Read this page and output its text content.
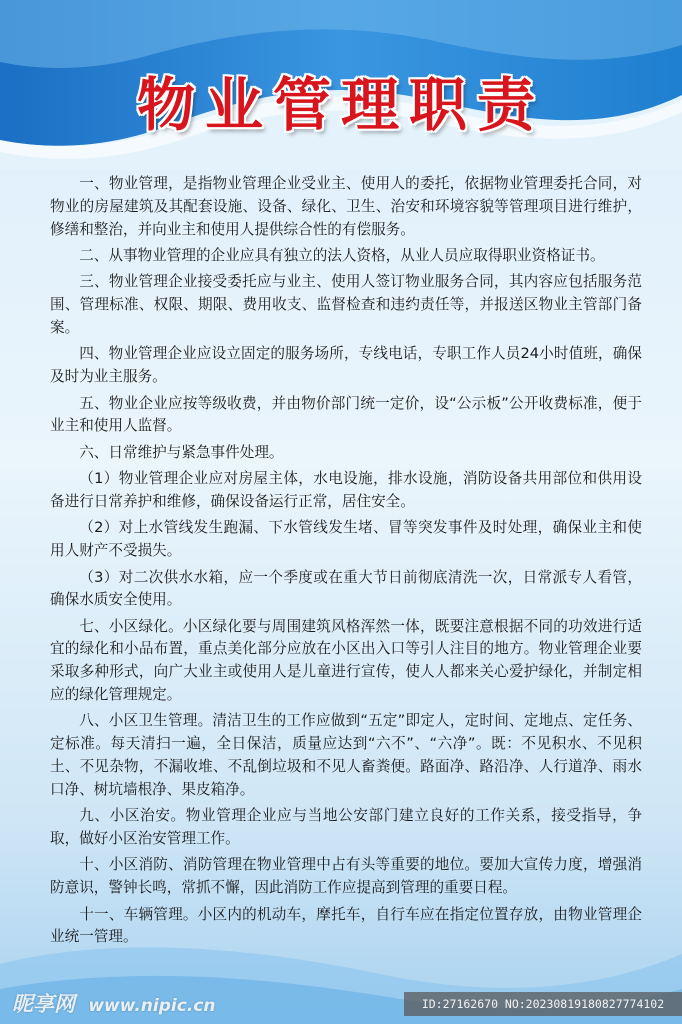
物业管理职责

一、物业管理，是指物业管理企业受业主、使用人的委托，依据物业管理委托合同，对物业的房屋建筑及其配套设施、设备、绿化、卫生、治安和环境容貌等管理项目进行维护，修缮和整治，并向业主和使用人提供综合性的有偿服务。

二、从事物业管理的企业应具有独立的法人资格，从业人员应取得职业资格证书。

三、物业管理企业接受委托应与业主、使用人签订物业服务合同，其内容应包括服务范围、管理标准、权限、期限、费用收支、监督检查和违约责任等，并报送区物业主管部门备案。

四、物业管理企业应设立固定的服务场所，专线电话，专职工作人员24小时值班，确保及时为业主服务。

五、物业企业应按等级收费，并由物价部门统一定价，设“公示板”公开收费标准，便于业主和使用人监督。

六、日常维护与紧急事件处理。

（1）物业管理企业应对房屋主体，水电设施，排水设施，消防设备共用部位和供用设备进行日常养护和维修，确保设备运行正常，居住安全。

（2）对上水管线发生跑漏、下水管线发生堵、冒等突发事件及时处理，确保业主和使用人财产不受损失。

（3）对二次供水水箱，应一个季度或在重大节日前彻底清洗一次，日常派专人看管，确保水质安全使用。

七、小区绿化。小区绿化要与周围建筑风格浑然一体，既要注意根据不同的功效进行适宜的绿化和小品布置，重点美化部分应放在小区出入口等引人注目的地方。物业管理企业要采取多种形式，向广大业主或使用人是儿童进行宣传，使人人都来关心爱护绿化，并制定相应的绿化管理规定。

八、小区卫生管理。清洁卫生的工作应做到“五定”即定人，定时间、定地点、定任务、定标准。每天清扫一遍，全日保洁，质量应达到“六不”、“六净”。既：不见积水、不见积土、不见杂物，不漏收堆、不乱倒垃圾和不见人畜粪便。路面净、路沿净、人行道净、雨水口净、树坑墙根净、果皮箱净。

九、小区治安。物业管理企业应与当地公安部门建立良好的工作关系，接受指导，争取，做好小区治安管理工作。

十、小区消防、消防管理在物业管理中占有头等重要的地位。要加大宣传力度，增强消防意识，警钟长鸣，常抓不懈，因此消防工作应提高到管理的重要日程。

十一、车辆管理。小区内的机动车，摩托车，自行车应在指定位置存放，由物业管理企业统一管理。

昵享网 www.nipic.cn	ID:27162670 NO:20230819180827774102
